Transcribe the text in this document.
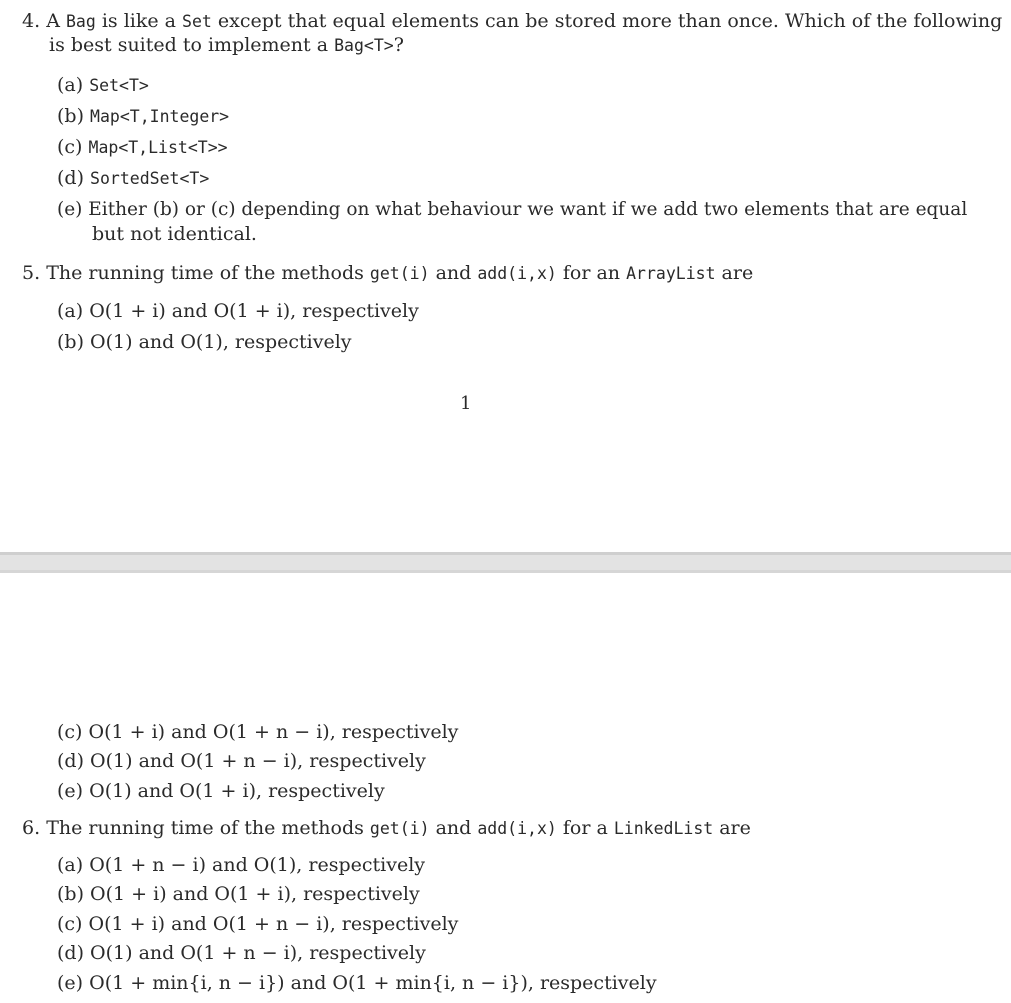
4. A Bag is like a Set except that equal elements can be stored more than once. Which of the following
is best suited to implement a Bag<T>?
(a) Set<T>
(b) Map<T,Integer>
(c) Map<T,List<T>>
(d) SortedSet<T>
(e) Either (b) or (c) depending on what behaviour we want if we add two elements that are equal
but not identical.
5. The running time of the methods get(i) and add(i,x) for an ArrayList are
(a) O(1 + i) and O(1 + i), respectively
(b) O(1) and O(1), respectively
1
(c) O(1 + i) and O(1 + n − i), respectively
(d) O(1) and O(1 + n − i), respectively
(e) O(1) and O(1 + i), respectively
6. The running time of the methods get(i) and add(i,x) for a LinkedList are
(a) O(1 + n − i) and O(1), respectively
(b) O(1 + i) and O(1 + i), respectively
(c) O(1 + i) and O(1 + n − i), respectively
(d) O(1) and O(1 + n − i), respectively
(e) O(1 + min{i, n − i}) and O(1 + min{i, n − i}), respectively
